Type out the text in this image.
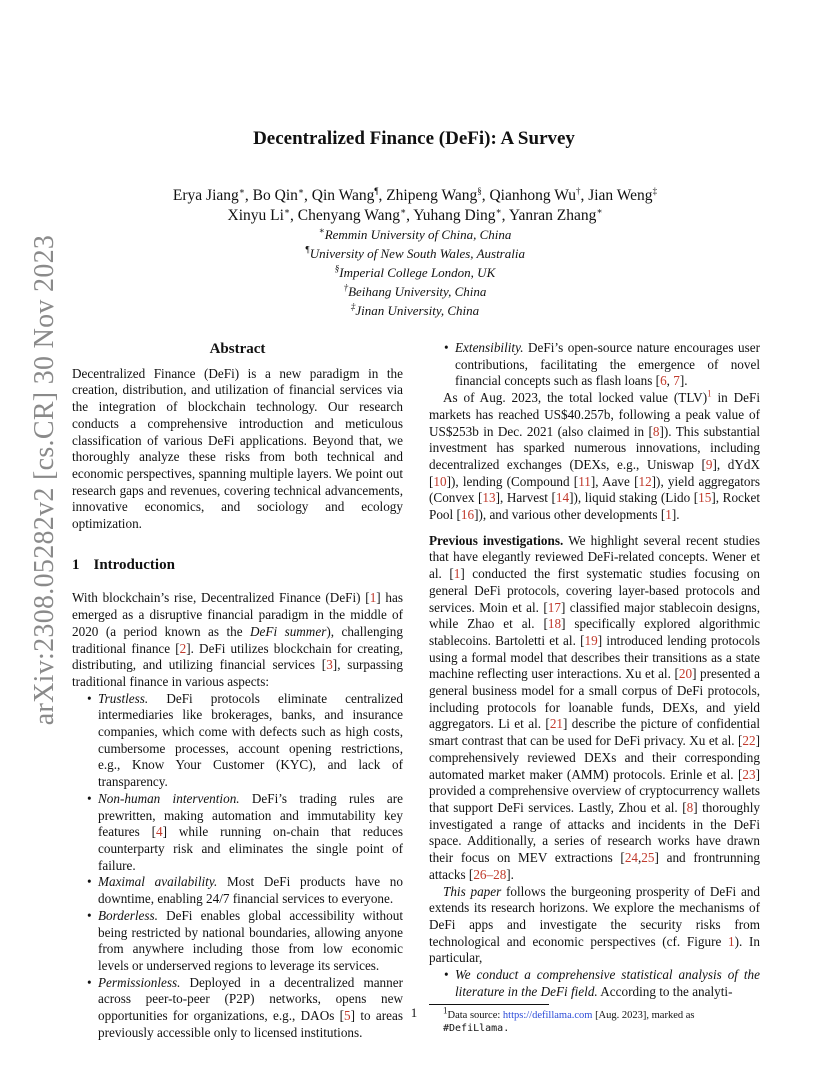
arXiv:2308.05282v2 [cs.CR] 30 Nov 2023
Decentralized Finance (DeFi): A Survey
Erya Jiang∗, Bo Qin∗, Qin Wang¶, Zhipeng Wang§, Qianhong Wu†, Jian Weng‡
Xinyu Li∗, Chenyang Wang∗, Yuhang Ding∗, Yanran Zhang∗
∗Remmin University of China, China
¶University of New South Wales, Australia
§Imperial College London, UK
†Beihang University, China
‡Jinan University, China
Abstract

Decentralized Finance (DeFi) is a new paradigm in the creation, distribution, and utilization of financial services via the integration of blockchain technology. Our research conducts a comprehensive introduction and meticulous classification of various DeFi applications. Beyond that, we thoroughly analyze these risks from both technical and economic perspectives, spanning multiple layers. We point out research gaps and revenues, covering technical advancements, innovative economics, and sociology and ecology optimization.

1 Introduction

With blockchain’s rise, Decentralized Finance (DeFi) [1] has emerged as a disruptive financial paradigm in the middle of 2020 (a period known as the DeFi summer), challenging traditional finance [2]. DeFi utilizes blockchain for creating, distributing, and utilizing financial services [3], surpassing traditional finance in various aspects:

• Trustless. DeFi protocols eliminate centralized intermediaries like brokerages, banks, and insurance companies, which come with defects such as high costs, cumbersome processes, account opening restrictions, e.g., Know Your Customer (KYC), and lack of transparency.
• Non-human intervention. DeFi’s trading rules are prewritten, making automation and immutability key features [4] while running on-chain that reduces counterparty risk and eliminates the single point of failure.
• Maximal availability. Most DeFi products have no downtime, enabling 24/7 financial services to everyone.
• Borderless. DeFi enables global accessibility without being restricted by national boundaries, allowing anyone from anywhere including those from low economic levels or underserved regions to leverage its services.
• Permissionless. Deployed in a decentralized manner across peer-to-peer (P2P) networks, opens new opportunities for organizations, e.g., DAOs [5] to areas previously accessible only to licensed institutions.
• Extensibility. DeFi’s open-source nature encourages user contributions, facilitating the emergence of novel financial concepts such as flash loans [6, 7].

As of Aug. 2023, the total locked value (TLV)$^1$ in DeFi markets has reached US$40.257b, following a peak value of US$253b in Dec. 2021 (also claimed in [8]). This substantial investment has sparked numerous innovations, including decentralized exchanges (DEXs, e.g., Uniswap [9], dYdX [10]), lending (Compound [11], Aave [12]), yield aggregators (Convex [13], Harvest [14]), liquid staking (Lido [15], Rocket Pool [16]), and various other developments [1].

Previous investigations. We highlight several recent studies that have elegantly reviewed DeFi-related concepts. Wener et al. [1] conducted the first systematic studies focusing on general DeFi protocols, covering layer-based protocols and services. Moin et al. [17] classified major stablecoin designs, while Zhao et al. [18] specifically explored algorithmic stablecoins. Bartoletti et al. [19] introduced lending protocols using a formal model that describes their transitions as a state machine reflecting user interactions. Xu et al. [20] presented a general business model for a small corpus of DeFi protocols, including protocols for loanable funds, DEXs, and yield aggregators. Li et al. [21] describe the picture of confidential smart contrast that can be used for DeFi privacy. Xu et al. [22] comprehensively reviewed DEXs and their corresponding automated market maker (AMM) protocols. Erinle et al. [23] provided a comprehensive overview of cryptocurrency wallets that support DeFi services. Lastly, Zhou et al. [8] thoroughly investigated a range of attacks and incidents in the DeFi space. Additionally, a series of research works have drawn their focus on MEV extractions [24,25] and frontrunning attacks [26–28].

This paper follows the burgeoning prosperity of DeFi and extends its research horizons. We explore the mechanisms of DeFi apps and investigate the security risks from technological and economic perspectives (cf. Figure 1). In particular,

• We conduct a comprehensive statistical analysis of the literature in the DeFi field. According to the analyti-
$^1$Data source: https://defillama.com [Aug. 2023], marked as #DefiLlama.
1
